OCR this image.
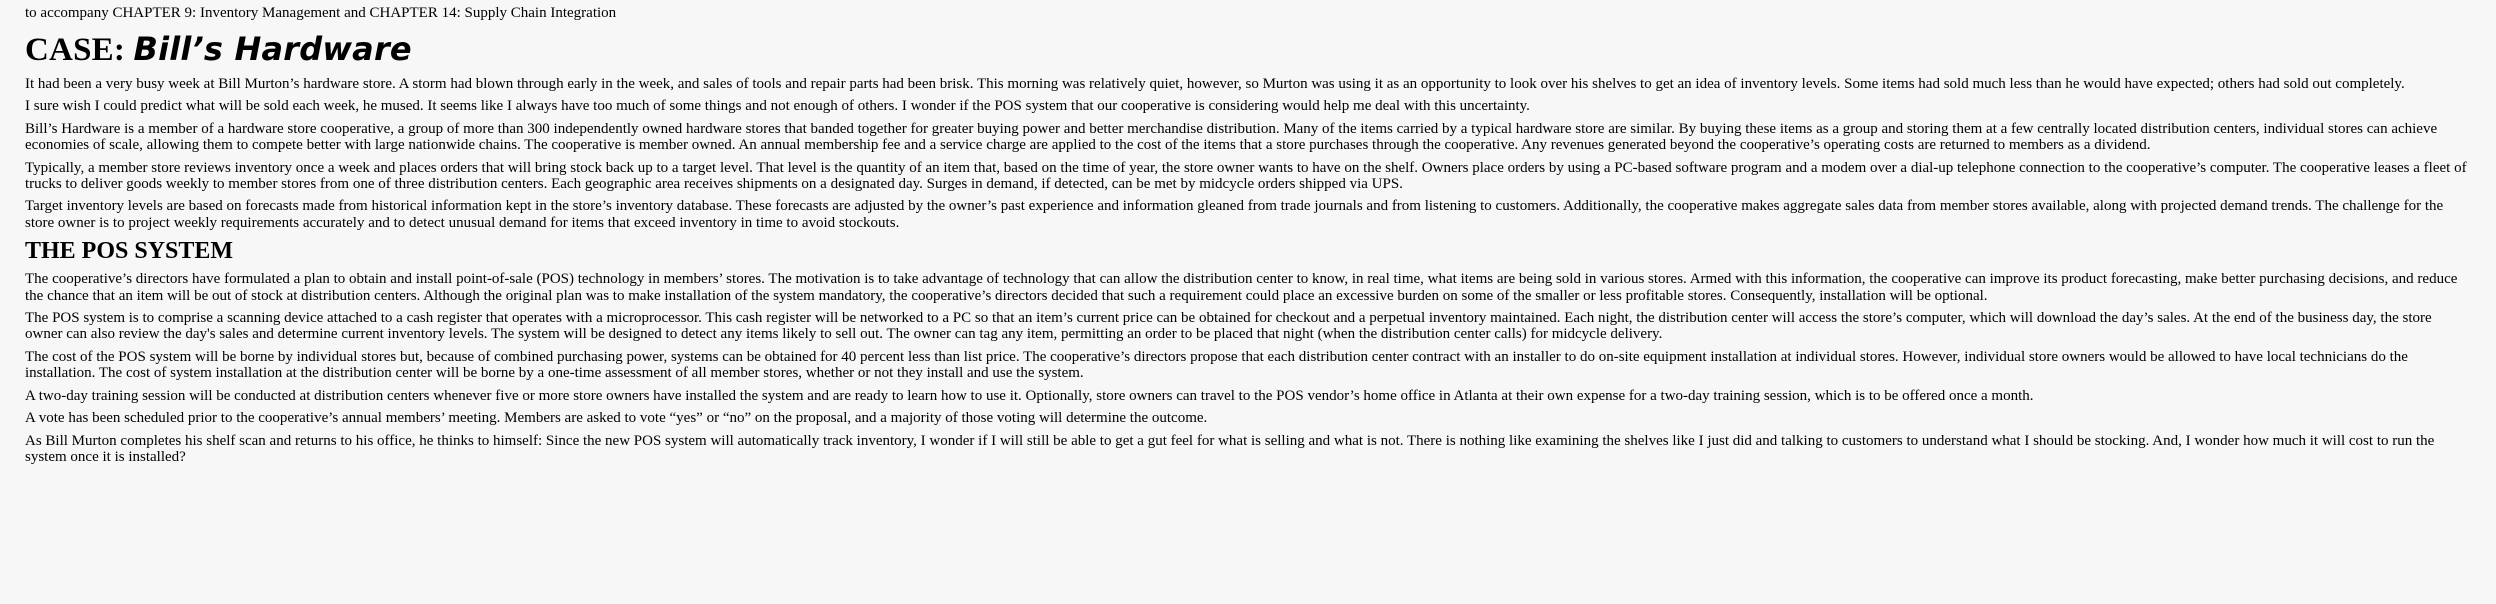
to accompany CHAPTER 9: Inventory Management and CHAPTER 14: Supply Chain Integration
CASE: Bill’s Hardware

It had been a very busy week at Bill Murton’s hardware store. A storm had blown through early in the week, and sales of tools and repair parts had been brisk. This morning was relatively quiet, however, so Murton was using it as an opportunity to look over his shelves to get an idea of inventory levels. Some items had sold much less than he would have expected; others had sold out completely.

I sure wish I could predict what will be sold each week, he mused. It seems like I always have too much of some things and not enough of others. I wonder if the POS system that our cooperative is considering would help me deal with this uncertainty.

Bill’s Hardware is a member of a hardware store cooperative, a group of more than 300 independently owned hardware stores that banded together for greater buying power and better merchandise distribution. Many of the items carried by a typical hardware store are similar. By buying these items as a group and storing them at a few centrally located distribution centers, individual stores can achieve economies of scale, allowing them to compete better with large nationwide chains. The cooperative is member owned. An annual membership fee and a service charge are applied to the cost of the items that a store purchases through the cooperative. Any revenues generated beyond the cooperative’s operating costs are returned to members as a dividend.

Typically, a member store reviews inventory once a week and places orders that will bring stock back up to a target level. That level is the quantity of an item that, based on the time of year, the store owner wants to have on the shelf. Owners place orders by using a PC-based software program and a modem over a dial-up telephone connection to the cooperative’s computer. The cooperative leases a fleet of trucks to deliver goods weekly to member stores from one of three distribution centers. Each geographic area receives shipments on a designated day. Surges in demand, if detected, can be met by midcycle orders shipped via UPS.

Target inventory levels are based on forecasts made from historical information kept in the store’s inventory database. These forecasts are adjusted by the owner’s past experience and information gleaned from trade journals and from listening to customers. Additionally, the cooperative makes aggregate sales data from member stores available, along with projected demand trends. The challenge for the store owner is to project weekly requirements accurately and to detect unusual demand for items that exceed inventory in time to avoid stockouts.

THE POS SYSTEM

The cooperative’s directors have formulated a plan to obtain and install point-of-sale (POS) technology in members’ stores. The motivation is to take advantage of technology that can allow the distribution center to know, in real time, what items are being sold in various stores. Armed with this information, the cooperative can improve its product forecasting, make better purchasing decisions, and reduce the chance that an item will be out of stock at distribution centers. Although the original plan was to make installation of the system mandatory, the cooperative’s directors decided that such a requirement could place an excessive burden on some of the smaller or less profitable stores. Consequently, installation will be optional.

The POS system is to comprise a scanning device attached to a cash register that operates with a microprocessor. This cash register will be networked to a PC so that an item’s current price can be obtained for checkout and a perpetual inventory maintained. Each night, the distribution center will access the store’s computer, which will download the day’s sales. At the end of the business day, the store owner can also review the day's sales and determine current inventory levels. The system will be designed to detect any items likely to sell out. The owner can tag any item, permitting an order to be placed that night (when the distribution center calls) for midcycle delivery.

The cost of the POS system will be borne by individual stores but, because of combined purchasing power, systems can be obtained for 40 percent less than list price. The cooperative’s directors propose that each distribution center contract with an installer to do on-site equipment installation at individual stores. However, individual store owners would be allowed to have local technicians do the installation. The cost of system installation at the distribution center will be borne by a one-time assessment of all member stores, whether or not they install and use the system.

A two-day training session will be conducted at distribution centers whenever five or more store owners have installed the system and are ready to learn how to use it. Optionally, store owners can travel to the POS vendor’s home office in Atlanta at their own expense for a two-day training session, which is to be offered once a month.

A vote has been scheduled prior to the cooperative’s annual members’ meeting. Members are asked to vote “yes” or “no” on the proposal, and a majority of those voting will determine the outcome.

As Bill Murton completes his shelf scan and returns to his office, he thinks to himself: Since the new POS system will automatically track inventory, I wonder if I will still be able to get a gut feel for what is selling and what is not. There is nothing like examining the shelves like I just did and talking to customers to understand what I should be stocking. And, I wonder how much it will cost to run the system once it is installed?
